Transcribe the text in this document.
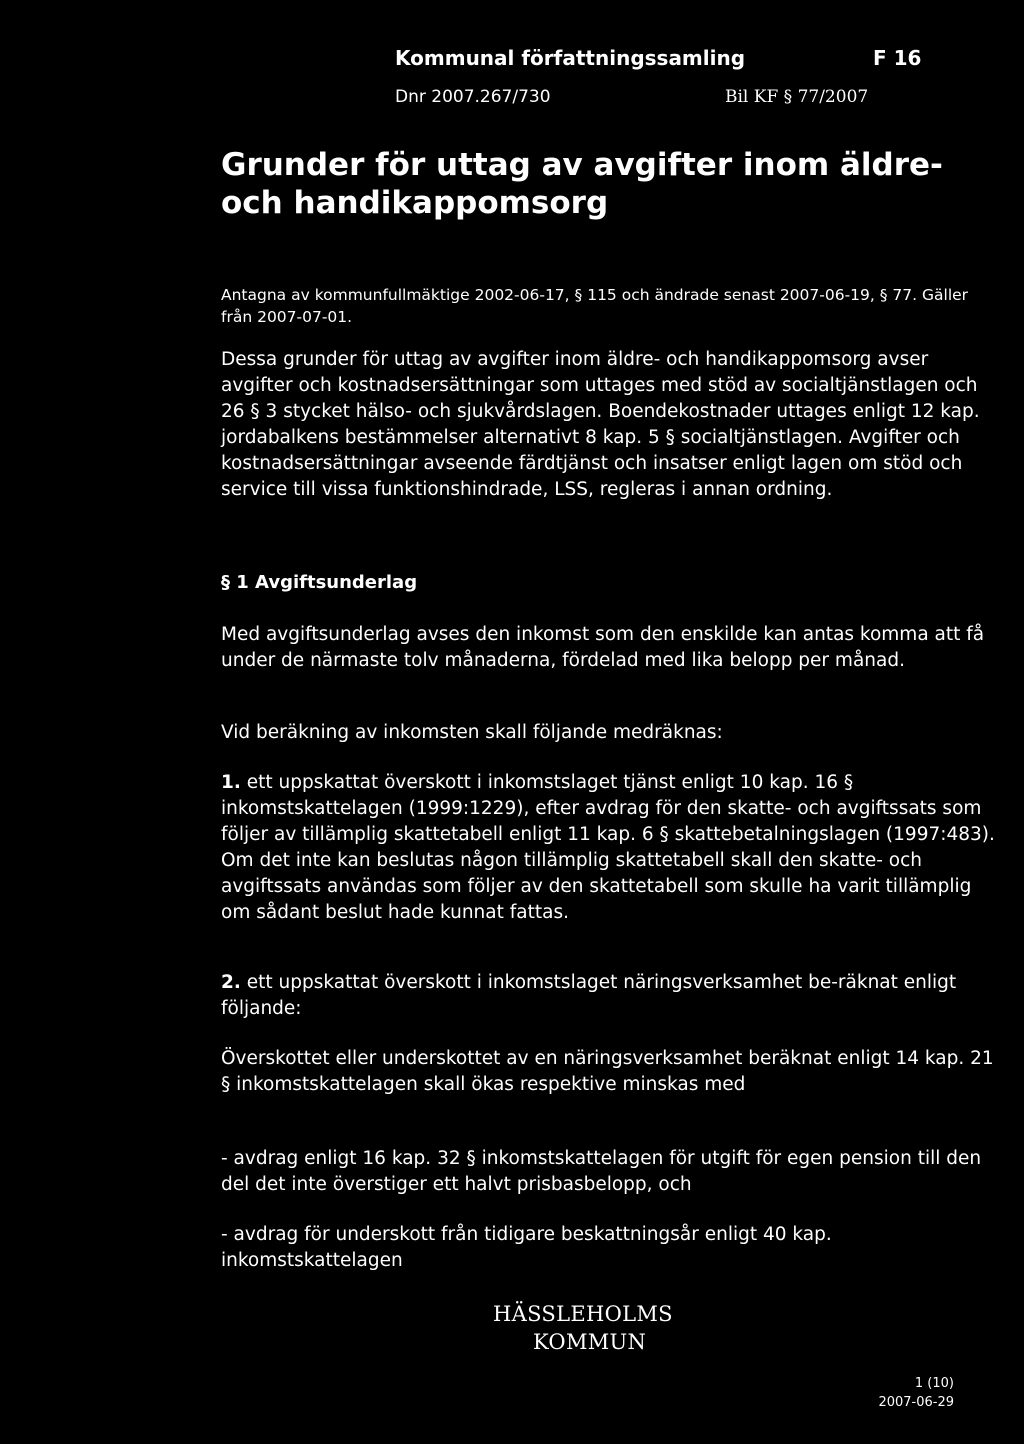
Kommunal författningssamling	F 16
Dnr 2007.267/730	Bil KF § 77/2007
Grunder för uttag av avgifter inom äldre-
och handikappomsorg
Antagna av kommunfullmäktige 2002-06-17, § 115 och ändrade senast 2007-06-19, § 77. Gäller från 2007-07-01.
Dessa grunder för uttag av avgifter inom äldre- och handikappomsorg avser avgifter och kostnadsersättningar som uttages med stöd av socialtjänstlagen och 26 § 3 stycket hälso- och sjukvårdslagen. Boendekostnader uttages enligt 12 kap. jordabalkens bestämmelser alternativt 8 kap. 5 § socialtjänstlagen. Avgifter och kostnadsersättningar avseende färdtjänst och insatser enligt lagen om stöd och service till vissa funktionshindrade, LSS, regleras i annan ordning.
§ 1 Avgiftsunderlag
Med avgiftsunderlag avses den inkomst som den enskilde kan antas komma att få under de närmaste tolv månaderna, fördelad med lika belopp per månad.
Vid beräkning av inkomsten skall följande medräknas:
1. ett uppskattat överskott i inkomstslaget tjänst enligt 10 kap. 16 § inkomstskattelagen (1999:1229), efter avdrag för den skatte- och avgiftssats som följer av tillämplig skattetabell enligt 11 kap. 6 § skattebetalningslagen (1997:483). Om det inte kan beslutas någon tillämplig skattetabell skall den skatte- och avgiftssats användas som följer av den skattetabell som skulle ha varit tillämplig om sådant beslut hade kunnat fattas.
2. ett uppskattat överskott i inkomstslaget näringsverksamhet be-räknat enligt följande:
Överskottet eller underskottet av en näringsverksamhet beräknat enligt 14 kap. 21 § inkomstskattelagen skall ökas respektive minskas med
- avdrag enligt 16 kap. 32 § inkomstskattelagen för utgift för egen pension till den del det inte överstiger ett halvt prisbasbelopp, och
- avdrag för underskott från tidigare beskattningsår enligt 40 kap. inkomstskattelagen
HÄSSLEHOLMS
KOMMUN
1 (10)
2007-06-29
